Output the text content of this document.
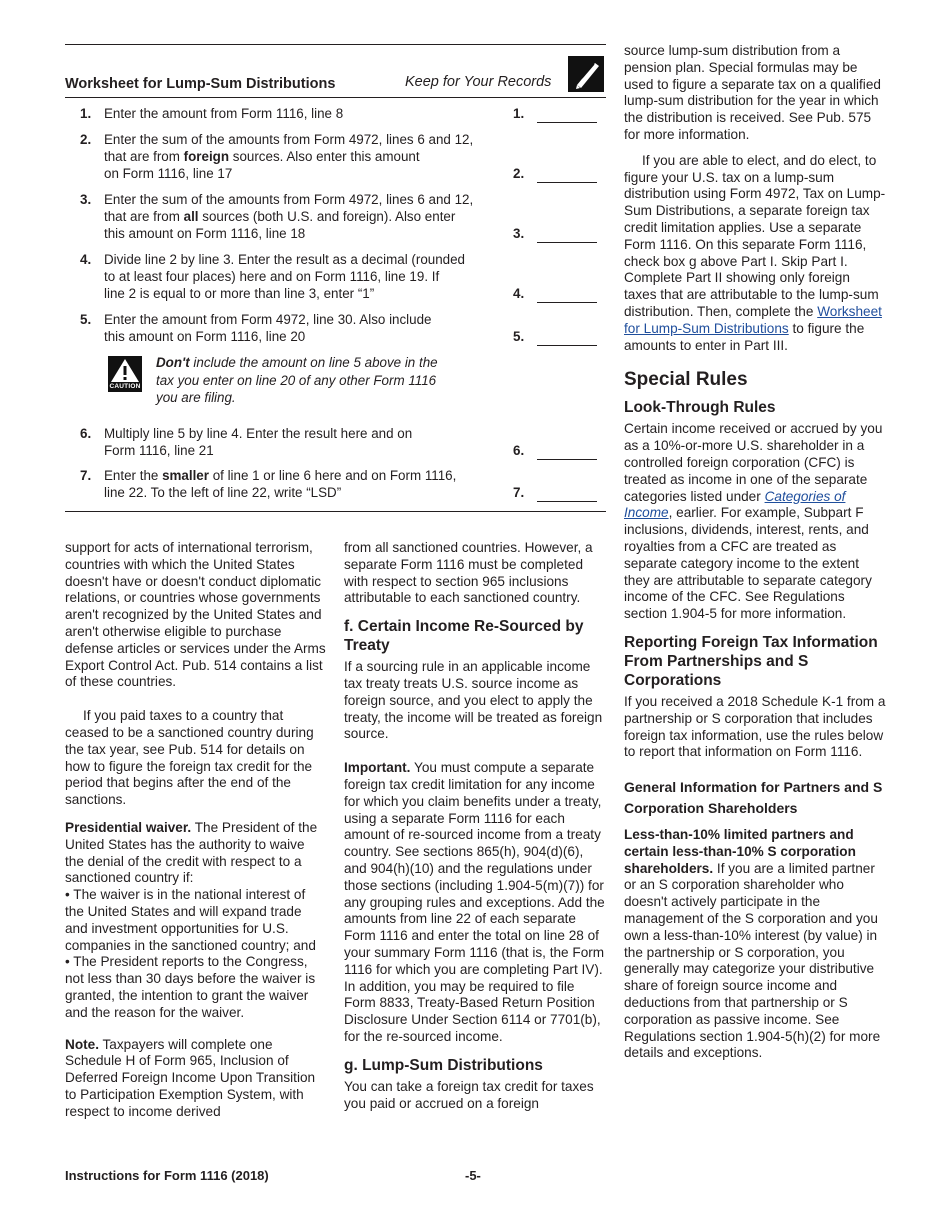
Worksheet for Lump-Sum Distributions	Keep for Your Records
1. Enter the amount from Form 1116, line 8	1.
2. Enter the sum of the amounts from Form 4972, lines 6 and 12,
that are from foreign sources. Also enter this amount
on Form 1116, line 17	2.
3. Enter the sum of the amounts from Form 4972, lines 6 and 12,
that are from all sources (both U.S. and foreign). Also enter
this amount on Form 1116, line 18	3.
4. Divide line 2 by line 3. Enter the result as a decimal (rounded
to at least four places) here and on Form 1116, line 19. If
line 2 is equal to or more than line 3, enter “1”	4.
5. Enter the amount from Form 4972, line 30. Also include
this amount on Form 1116, line 20	5.
CAUTION
Don't include the amount on line 5 above in the tax you enter on line 20 of any other Form 1116 you are filing.
6. Multiply line 5 by line 4. Enter the result here and on
Form 1116, line 21	6.
7. Enter the smaller of line 1 or line 6 here and on Form 1116,
line 22. To the left of line 22, write “LSD”	7.

support for acts of international terrorism, countries with which the United States doesn't have or doesn't conduct diplomatic relations, or countries whose governments aren't recognized by the United States and aren't otherwise eligible to purchase defense articles or services under the Arms Export Control Act. Pub. 514 contains a list of these countries.

If you paid taxes to a country that ceased to be a sanctioned country during the tax year, see Pub. 514 for details on how to figure the foreign tax credit for the period that begins after the end of the sanctions.

Presidential waiver. The President of the United States has the authority to waive the denial of the credit with respect to a sanctioned country if:

• The waiver is in the national interest of the United States and will expand trade and investment opportunities for U.S. companies in the sanctioned country; and

• The President reports to the Congress, not less than 30 days before the waiver is granted, the intention to grant the waiver and the reason for the waiver.

Note. Taxpayers will complete one Schedule H of Form 965, Inclusion of Deferred Foreign Income Upon Transition to Participation Exemption System, with respect to income derived

from all sanctioned countries. However, a separate Form 1116 must be completed with respect to section 965 inclusions attributable to each sanctioned country.

f. Certain Income Re-Sourced by Treaty

If a sourcing rule in an applicable income tax treaty treats U.S. source income as foreign source, and you elect to apply the treaty, the income will be treated as foreign source.

Important. You must compute a separate foreign tax credit limitation for any income for which you claim benefits under a treaty, using a separate Form 1116 for each amount of re-sourced income from a treaty country. See sections 865(h), 904(d)(6), and 904(h)(10) and the regulations under those sections (including 1.904-5(m)(7)) for any grouping rules and exceptions. Add the amounts from line 22 of each separate Form 1116 and enter the total on line 28 of your summary Form 1116 (that is, the Form 1116 for which you are completing Part IV). In addition, you may be required to file Form 8833, Treaty-Based Return Position Disclosure Under Section 6114 or 7701(b), for the re-sourced income.

g. Lump-Sum Distributions

You can take a foreign tax credit for taxes you paid or accrued on a foreign

source lump-sum distribution from a pension plan. Special formulas may be used to figure a separate tax on a qualified lump-sum distribution for the year in which the distribution is received. See Pub. 575 for more information.

If you are able to elect, and do elect, to figure your U.S. tax on a lump-sum distribution using Form 4972, Tax on Lump-Sum Distributions, a separate foreign tax credit limitation applies. Use a separate Form 1116. On this separate Form 1116, check box g above Part I. Skip Part I. Complete Part II showing only foreign taxes that are attributable to the lump-sum distribution. Then, complete the Worksheet for Lump-Sum Distributions to figure the amounts to enter in Part III.

Special Rules
Look-Through Rules

Certain income received or accrued by you as a 10%-or-more U.S. shareholder in a controlled foreign corporation (CFC) is treated as income in one of the separate categories listed under Categories of Income, earlier. For example, Subpart F inclusions, dividends, interest, rents, and royalties from a CFC are treated as separate category income to the extent they are attributable to separate category income of the CFC. See Regulations section 1.904-5 for more information.

Reporting Foreign Tax Information From Partnerships and S Corporations

If you received a 2018 Schedule K-1 from a partnership or S corporation that includes foreign tax information, use the rules below to report that information on Form 1116.

General Information for Partners and S Corporation Shareholders

Less-than-10% limited partners and certain less-than-10% S corporation shareholders. If you are a limited partner or an S corporation shareholder who doesn't actively participate in the management of the S corporation and you own a less-than-10% interest (by value) in the partnership or S corporation, you generally may categorize your distributive share of foreign source income and deductions from that partnership or S corporation as passive income. See Regulations section 1.904-5(h)(2) for more details and exceptions.

Instructions for Form 1116 (2018)	-5-
